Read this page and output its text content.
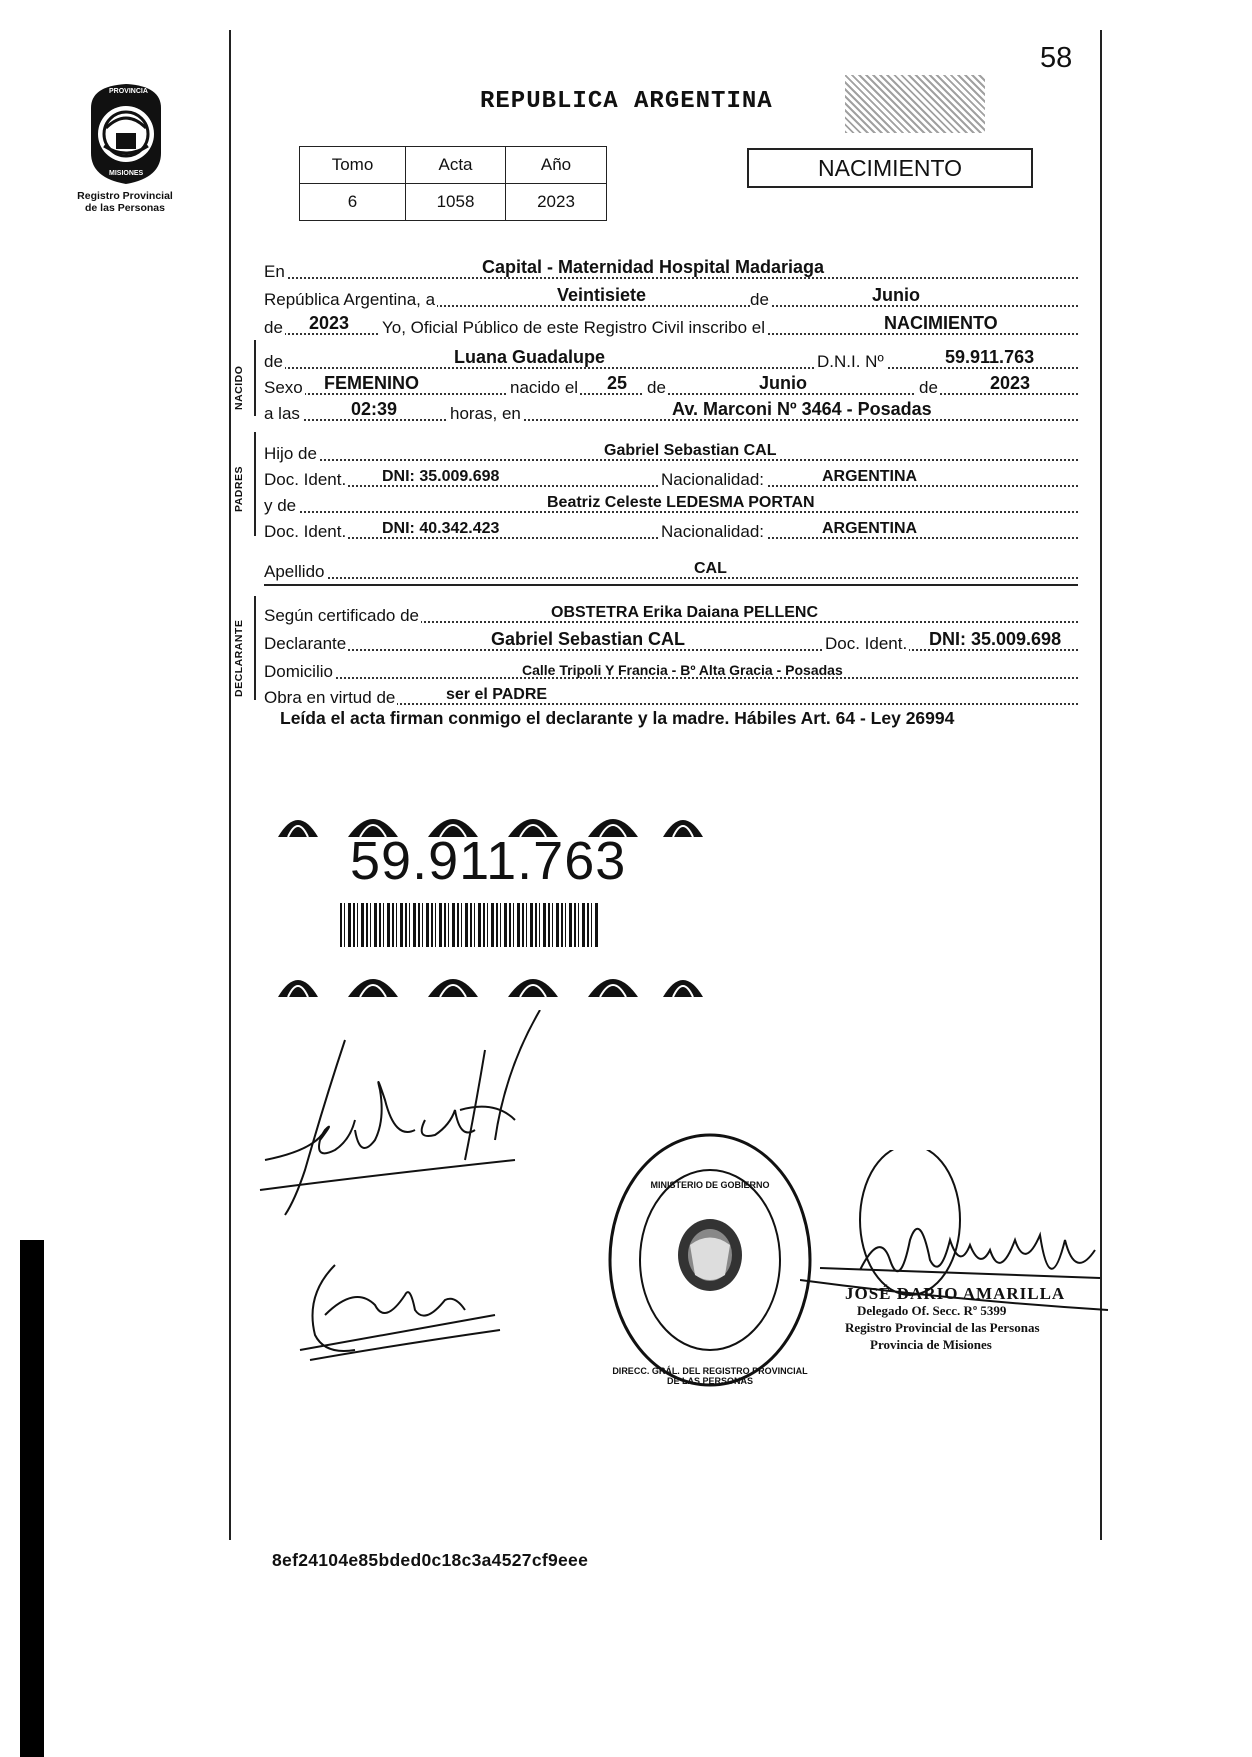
PROVINCIA
MISIONES
Registro Provincial
de las Personas
58
REPUBLICA ARGENTINA
Tomo	Acta	Año
6	1058	2023
NACIMIENTO
En	Capital - Maternidad Hospital Madariaga
República Argentina, a	Veintisiete	de	Junio
de 2023 Yo, Oficial Público de este Registro Civil inscribo el	NACIMIENTO
NACIDO
de	Luana Guadalupe	D.N.I. Nº	59.911.763
Sexo FEMENINO	nacido el 25 de	Junio	de	2023
a las	02:39	horas, en	Av. Marconi Nº 3464 - Posadas
PADRES
Hijo de	Gabriel Sebastian CAL
Doc. Ident. DNI: 35.009.698	Nacionalidad:	ARGENTINA
y de	Beatriz Celeste LEDESMA PORTAN
Doc. Ident. DNI: 40.342.423	Nacionalidad:	ARGENTINA
Apellido	CAL
DECLARANTE
Según certificado de	OBSTETRA Erika Daiana PELLENC
Declarante	Gabriel Sebastian CAL	Doc. Ident. DNI: 35.009.698
Domicilio	Calle Tripoli Y Francia - Bº Alta Gracia - Posadas
Obra en virtud de	ser el PADRE
Leída el acta firman conmigo el declarante y la madre. Hábiles Art. 64 - Ley 26994
59.911.763
DIRECC. GRÁL. DEL REGISTRO PROVINCIAL DE LAS PERSONAS
MINISTERIO DE GOBIERNO
JOSÉ DARIO AMARILLA
Delegado Of. Secc. Rº 5399
Registro Provincial de las Personas
Provincia de Misiones
8ef24104e85bded0c18c3a4527cf9eee
